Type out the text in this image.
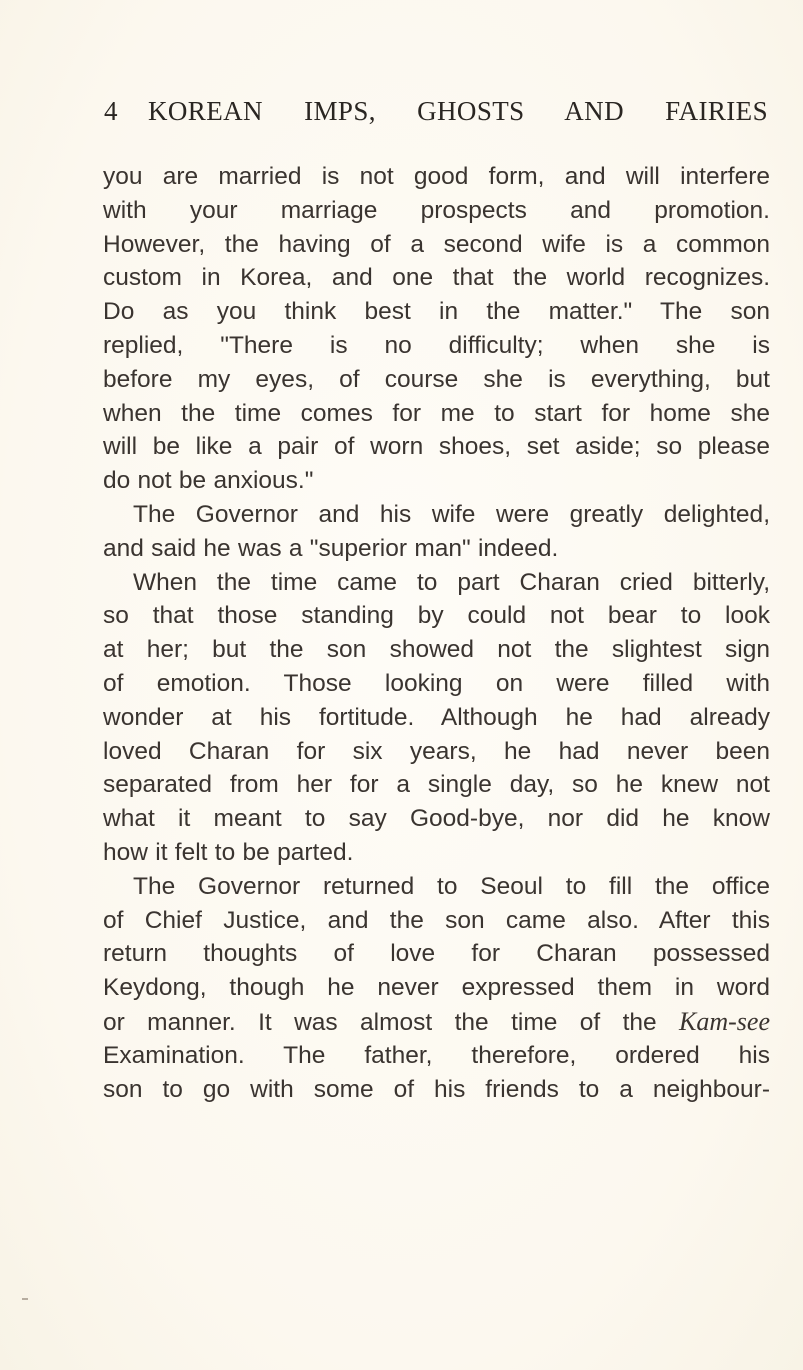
4 KOREAN IMPS, GHOSTS AND FAIRIES
you are married is not good form, and will interfere
with your marriage prospects and promotion.
However, the having of a second wife is a common
custom in Korea, and one that the world recognizes.
Do as you think best in the matter." The son
replied, "There is no difficulty; when she is
before my eyes, of course she is everything, but
when the time comes for me to start for home she
will be like a pair of worn shoes, set aside; so please
do not be anxious."
The Governor and his wife were greatly delighted,
and said he was a "superior man" indeed.
When the time came to part Charan cried bitterly,
so that those standing by could not bear to look
at her; but the son showed not the slightest sign
of emotion. Those looking on were filled with
wonder at his fortitude. Although he had already
loved Charan for six years, he had never been
separated from her for a single day, so he knew not
what it meant to say Good-bye, nor did he know
how it felt to be parted.
The Governor returned to Seoul to fill the office
of Chief Justice, and the son came also. After this
return thoughts of love for Charan possessed
Keydong, though he never expressed them in word
or manner. It was almost the time of the Kam-see
Examination. The father, therefore, ordered his
son to go with some of his friends to a neighbour-
